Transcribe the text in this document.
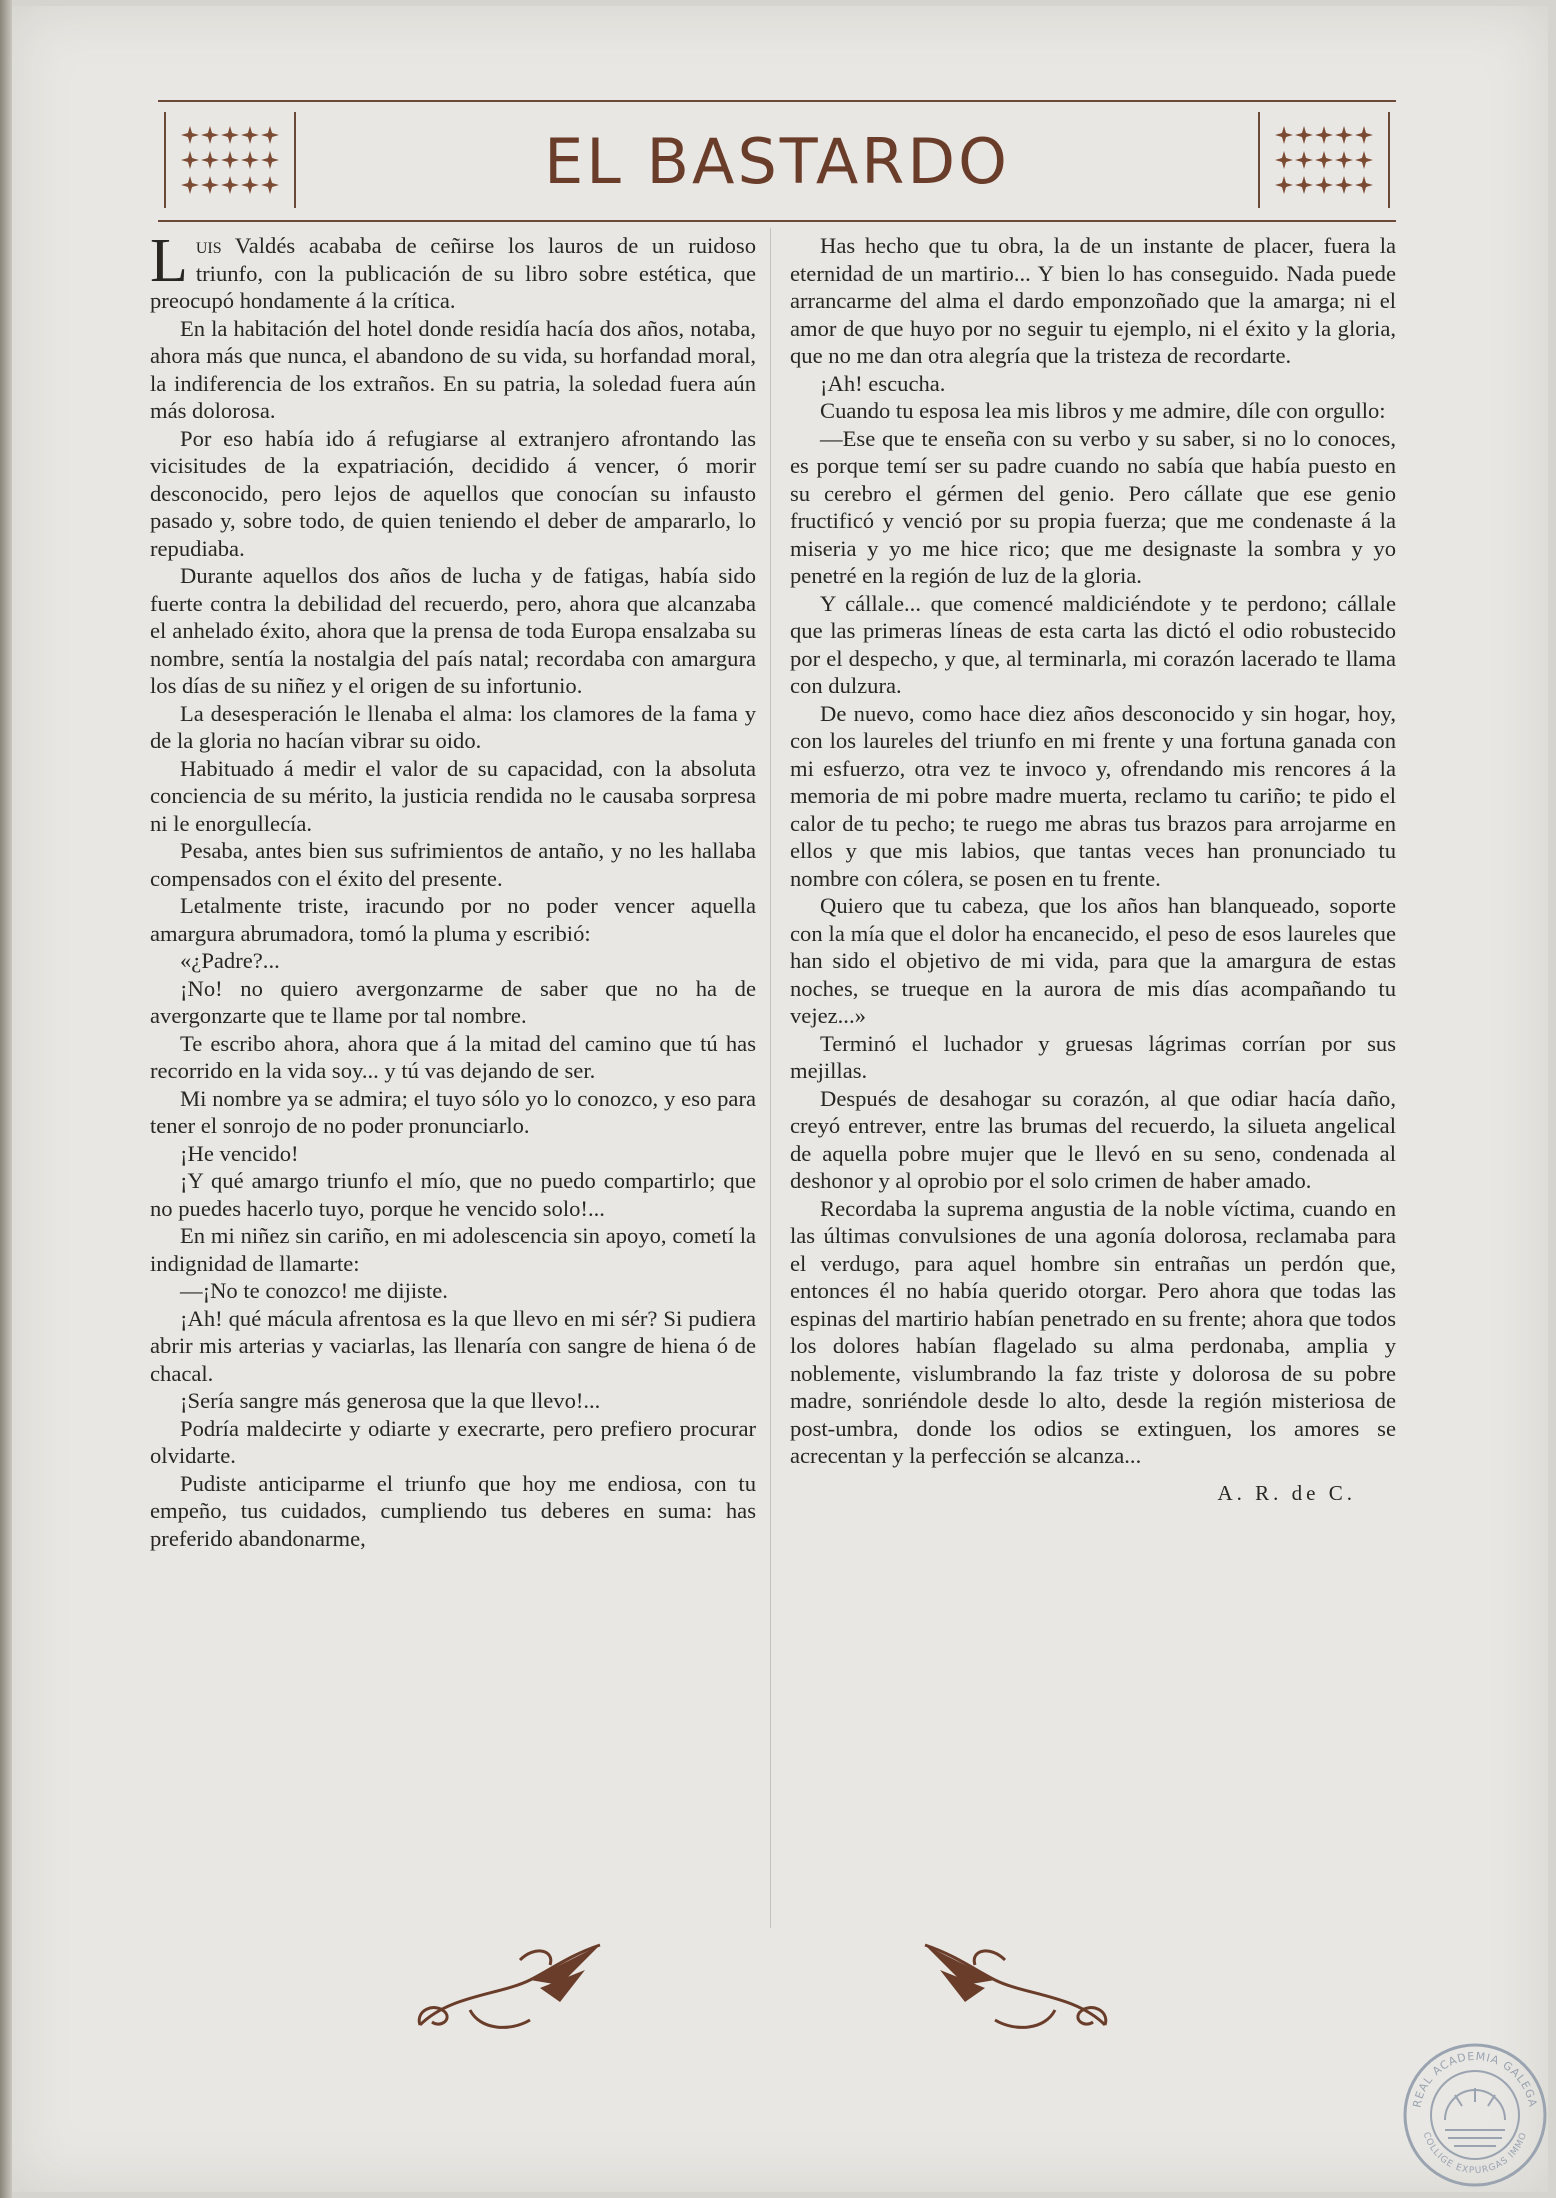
EL BASTARDO

Luis Valdés acababa de ceñirse los lauros de un ruidoso triunfo, con la publicación de su libro sobre estética, que preocupó hondamente á la crítica.

En la habitación del hotel donde residía hacía dos años, notaba, ahora más que nunca, el abandono de su vida, su horfandad moral, la indiferencia de los extraños. En su patria, la soledad fuera aún más dolorosa.

Por eso había ido á refugiarse al extranjero afrontando las vicisitudes de la expatriación, decidido á vencer, ó morir desconocido, pero lejos de aquellos que conocían su infausto pasado y, sobre todo, de quien teniendo el deber de ampararlo, lo repudiaba.

Durante aquellos dos años de lucha y de fatigas, había sido fuerte contra la debilidad del recuerdo, pero, ahora que alcanzaba el anhelado éxito, ahora que la prensa de toda Europa ensalzaba su nombre, sentía la nostalgia del país natal; recordaba con amargura los días de su niñez y el origen de su infortunio.

La desesperación le llenaba el alma: los clamores de la fama y de la gloria no hacían vibrar su oido.

Habituado á medir el valor de su capacidad, con la absoluta conciencia de su mérito, la justicia rendida no le causaba sorpresa ni le enorgullecía.

Pesaba, antes bien sus sufrimientos de antaño, y no les hallaba compensados con el éxito del presente.

Letalmente triste, iracundo por no poder vencer aquella amargura abrumadora, tomó la pluma y escribió:

«¿Padre?...

¡No! no quiero avergonzarme de saber que no ha de avergonzarte que te llame por tal nombre.

Te escribo ahora, ahora que á la mitad del camino que tú has recorrido en la vida soy... y tú vas dejando de ser.

Mi nombre ya se admira; el tuyo sólo yo lo conozco, y eso para tener el sonrojo de no poder pronunciarlo.

¡He vencido!

¡Y qué amargo triunfo el mío, que no puedo compartirlo; que no puedes hacerlo tuyo, porque he vencido solo!...

En mi niñez sin cariño, en mi adolescencia sin apoyo, cometí la indignidad de llamarte:

—¡No te conozco! me dijiste.

¡Ah! qué mácula afrentosa es la que llevo en mi sér? Si pudiera abrir mis arterias y vaciarlas, las llenaría con sangre de hiena ó de chacal.

¡Sería sangre más generosa que la que llevo!...

Podría maldecirte y odiarte y execrarte, pero prefiero procurar olvidarte.

Pudiste anticiparme el triunfo que hoy me endiosa, con tu empeño, tus cuidados, cumpliendo tus deberes en suma: has preferido abandonarme,

Has hecho que tu obra, la de un instante de placer, fuera la eternidad de un martirio... Y bien lo has conseguido. Nada puede arrancarme del alma el dardo emponzoñado que la amarga; ni el amor de que huyo por no seguir tu ejemplo, ni el éxito y la gloria, que no me dan otra alegría que la tristeza de recordarte.

¡Ah! escucha.

Cuando tu esposa lea mis libros y me admire, díle con orgullo:

—Ese que te enseña con su verbo y su saber, si no lo conoces, es porque temí ser su padre cuando no sabía que había puesto en su cerebro el gérmen del genio. Pero cállate que ese genio fructificó y venció por su propia fuerza; que me condenaste á la miseria y yo me hice rico; que me designaste la sombra y yo penetré en la región de luz de la gloria.

Y cállale... que comencé maldiciéndote y te perdono; cállale que las primeras líneas de esta carta las dictó el odio robustecido por el despecho, y que, al terminarla, mi corazón lacerado te llama con dulzura.

De nuevo, como hace diez años desconocido y sin hogar, hoy, con los laureles del triunfo en mi frente y una fortuna ganada con mi esfuerzo, otra vez te invoco y, ofrendando mis rencores á la memoria de mi pobre madre muerta, reclamo tu cariño; te pido el calor de tu pecho; te ruego me abras tus brazos para arrojarme en ellos y que mis labios, que tantas veces han pronunciado tu nombre con cólera, se posen en tu frente.

Quiero que tu cabeza, que los años han blanqueado, soporte con la mía que el dolor ha encanecido, el peso de esos laureles que han sido el objetivo de mi vida, para que la amargura de estas noches, se trueque en la aurora de mis días acompañando tu vejez...»

Terminó el luchador y gruesas lágrimas corrían por sus mejillas.

Después de desahogar su corazón, al que odiar hacía daño, creyó entrever, entre las brumas del recuerdo, la silueta angelical de aquella pobre mujer que le llevó en su seno, condenada al deshonor y al oprobio por el solo crimen de haber amado.

Recordaba la suprema angustia de la noble víctima, cuando en las últimas convulsiones de una agonía dolorosa, reclamaba para el verdugo, para aquel hombre sin entrañas un perdón que, entonces él no había querido otorgar. Pero ahora que todas las espinas del martirio habían penetrado en su frente; ahora que todos los dolores habían flagelado su alma perdonaba, amplia y noblemente, vislumbrando la faz triste y dolorosa de su pobre madre, sonriéndole desde lo alto, desde la región misteriosa de post-umbra, donde los odios se extinguen, los amores se acrecentan y la perfección se alcanza...

A. R. de C.

REAL ACADEMIA GALEGA
COLLIGE EXPURGAS IMMO
